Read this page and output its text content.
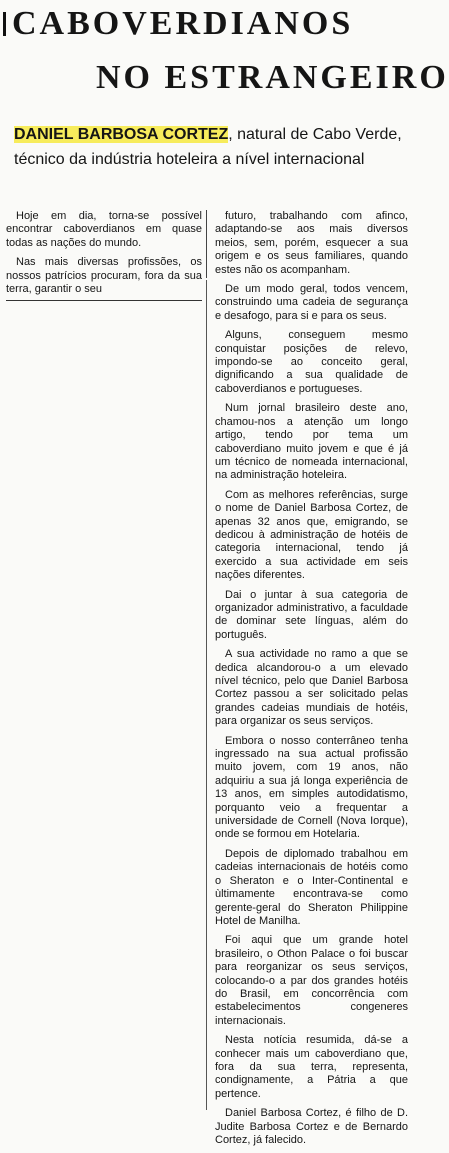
CABOVERDIANOS
NO ESTRANGEIRO
DANIEL BARBOSA CORTEZ, natural de Cabo Verde, técnico da indústria hoteleira a nível internacional

Hoje em dia, torna-se possível encontrar caboverdianos em quase todas as nações do mundo.

Nas mais diversas profissões, os nossos patrícios procuram, fora da sua terra, garantir o seu

futuro, trabalhando com afinco, adaptando-se aos mais diversos meios, sem, porém, esquecer a sua origem e os seus familiares, quando estes não os acompanham.

De um modo geral, todos vencem, construindo uma cadeia de segurança e desafogo, para si e para os seus.

Alguns, conseguem mesmo conquistar posições de relevo, impondo-se ao conceito geral, dignificando a sua qualidade de caboverdianos e portugueses.

Num jornal brasileiro deste ano, chamou-nos a atenção um longo artigo, tendo por tema um caboverdiano muito jovem e que é já um técnico de nomeada internacional, na administração hoteleira.

Com as melhores referências, surge o nome de Daniel Barbosa Cortez, de apenas 32 anos que, emigrando, se dedicou à administração de hotéis de categoria internacional, tendo já exercido a sua actividade em seis nações diferentes.

Dai o juntar à sua categoria de organizador administrativo, a faculdade de dominar sete línguas, além do português.

A sua actividade no ramo a que se dedica alcandorou-o a um elevado nível técnico, pelo que Daniel Barbosa Cortez passou a ser solicitado pelas grandes cadeias mundiais de hotéis, para organizar os seus serviços.

Embora o nosso conterrâneo tenha ingressado na sua actual profissão muito jovem, com 19 anos, não adquiriu a sua já longa experiência de 13 anos, em simples autodidatismo, porquanto veio a frequentar a universidade de Cornell (Nova Iorque), onde se formou em Hotelaria.

Depois de diplomado trabalhou em cadeias internacionais de hotéis como o Sheraton e o Inter-Continental e ùltimamente encontrava-se como gerente-geral do Sheraton Philippine Hotel de Manilha.

Foi aqui que um grande hotel brasileiro, o Othon Palace o foi buscar para reorganizar os seus serviços, colocando-o a par dos grandes hotéis do Brasil, em concorrência com estabelecimentos congeneres internacionais.

Nesta notícia resumida, dá-se a conhecer mais um caboverdiano que, fora da sua terra, representa, condignamente, a Pátria a que pertence.

Daniel Barbosa Cortez, é filho de D. Judite Barbosa Cortez e de Bernardo Cortez, já falecido.
